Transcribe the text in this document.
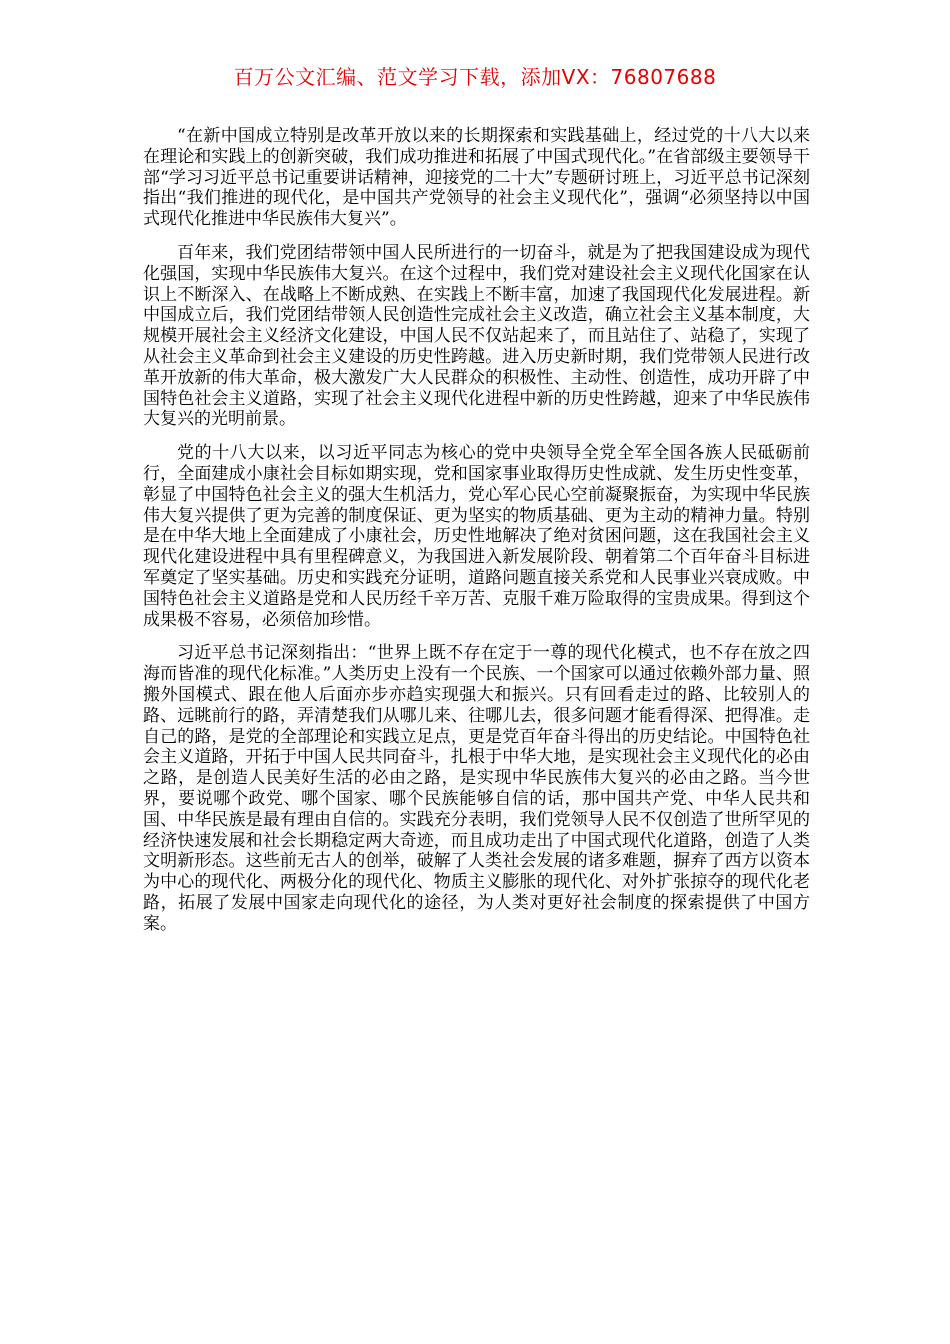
百万公文汇编、范文学习下载，添加VX：76807688

“在新中国成立特别是改革开放以来的长期探索和实践基础上，经过党的十八大以来在理论和实践上的创新突破，我们成功推进和拓展了中国式现代化。”在省部级主要领导干部“学习习近平总书记重要讲话精神，迎接党的二十大”专题研讨班上，习近平总书记深刻指出“我们推进的现代化，是中国共产党领导的社会主义现代化”，强调“必须坚持以中国式现代化推进中华民族伟大复兴”。

百年来，我们党团结带领中国人民所进行的一切奋斗，就是为了把我国建设成为现代化强国，实现中华民族伟大复兴。在这个过程中，我们党对建设社会主义现代化国家在认识上不断深入、在战略上不断成熟、在实践上不断丰富，加速了我国现代化发展进程。新中国成立后，我们党团结带领人民创造性完成社会主义改造，确立社会主义基本制度，大规模开展社会主义经济文化建设，中国人民不仅站起来了，而且站住了、站稳了，实现了从社会主义革命到社会主义建设的历史性跨越。进入历史新时期，我们党带领人民进行改革开放新的伟大革命，极大激发广大人民群众的积极性、主动性、创造性，成功开辟了中国特色社会主义道路，实现了社会主义现代化进程中新的历史性跨越，迎来了中华民族伟大复兴的光明前景。

党的十八大以来，以习近平同志为核心的党中央领导全党全军全国各族人民砥砺前行，全面建成小康社会目标如期实现，党和国家事业取得历史性成就、发生历史性变革，彰显了中国特色社会主义的强大生机活力，党心军心民心空前凝聚振奋，为实现中华民族伟大复兴提供了更为完善的制度保证、更为坚实的物质基础、更为主动的精神力量。特别是在中华大地上全面建成了小康社会，历史性地解决了绝对贫困问题，这在我国社会主义现代化建设进程中具有里程碑意义，为我国进入新发展阶段、朝着第二个百年奋斗目标进军奠定了坚实基础。历史和实践充分证明，道路问题直接关系党和人民事业兴衰成败。中国特色社会主义道路是党和人民历经千辛万苦、克服千难万险取得的宝贵成果。得到这个成果极不容易，必须倍加珍惜。

习近平总书记深刻指出：“世界上既不存在定于一尊的现代化模式，也不存在放之四海而皆准的现代化标准。”人类历史上没有一个民族、一个国家可以通过依赖外部力量、照搬外国模式、跟在他人后面亦步亦趋实现强大和振兴。只有回看走过的路、比较别人的路、远眺前行的路，弄清楚我们从哪儿来、往哪儿去，很多问题才能看得深、把得准。走自己的路，是党的全部理论和实践立足点，更是党百年奋斗得出的历史结论。中国特色社会主义道路，开拓于中国人民共同奋斗，扎根于中华大地，是实现社会主义现代化的必由之路，是创造人民美好生活的必由之路，是实现中华民族伟大复兴的必由之路。当今世界，要说哪个政党、哪个国家、哪个民族能够自信的话，那中国共产党、中华人民共和国、中华民族是最有理由自信的。实践充分表明，我们党领导人民不仅创造了世所罕见的经济快速发展和社会长期稳定两大奇迹，而且成功走出了中国式现代化道路，创造了人类文明新形态。这些前无古人的创举，破解了人类社会发展的诸多难题，摒弃了西方以资本为中心的现代化、两极分化的现代化、物质主义膨胀的现代化、对外扩张掠夺的现代化老路，拓展了发展中国家走向现代化的途径，为人类对更好社会制度的探索提供了中国方案。
